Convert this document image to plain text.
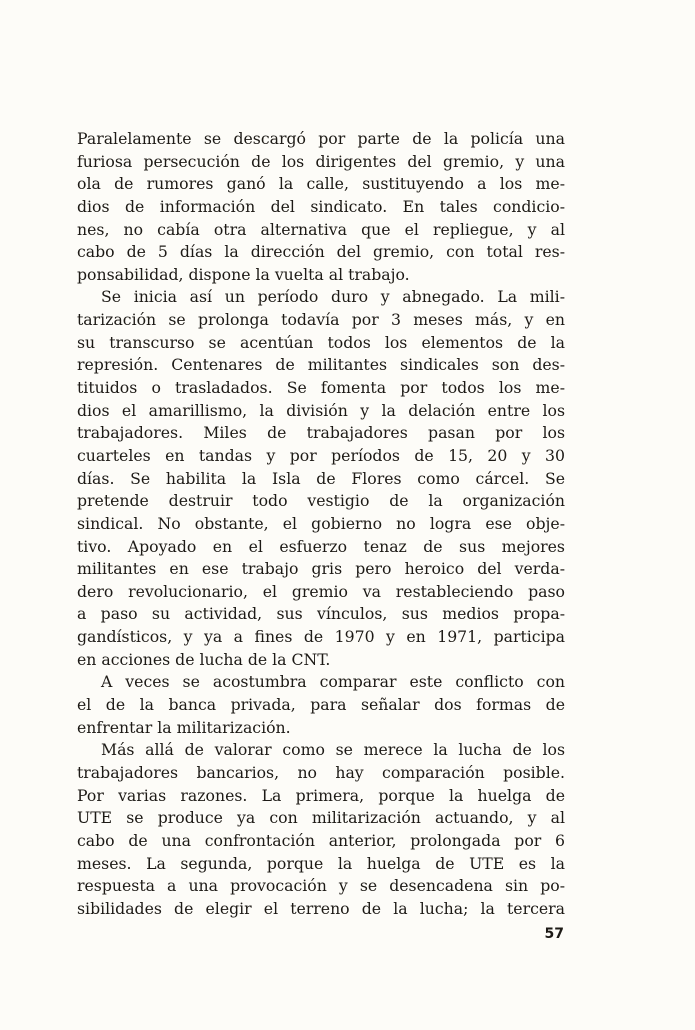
Paralelamente se descargó por parte de la policía una
furiosa persecución de los dirigentes del gremio, y una
ola de rumores ganó la calle, sustituyendo a los me-
dios de información del sindicato. En tales condicio-
nes, no cabía otra alternativa que el repliegue, y al
cabo de 5 días la dirección del gremio, con total res-
ponsabilidad, dispone la vuelta al trabajo.
Se inicia así un período duro y abnegado. La mili-
tarización se prolonga todavía por 3 meses más, y en
su transcurso se acentúan todos los elementos de la
represión. Centenares de militantes sindicales son des-
tituidos o trasladados. Se fomenta por todos los me-
dios el amarillismo, la división y la delación entre los
trabajadores. Miles de trabajadores pasan por los
cuarteles en tandas y por períodos de 15, 20 y 30
días. Se habilita la Isla de Flores como cárcel. Se
pretende destruir todo vestigio de la organización
sindical. No obstante, el gobierno no logra ese obje-
tivo. Apoyado en el esfuerzo tenaz de sus mejores
militantes en ese trabajo gris pero heroico del verda-
dero revolucionario, el gremio va restableciendo paso
a paso su actividad, sus vínculos, sus medios propa-
gandísticos, y ya a fines de 1970 y en 1971, participa
en acciones de lucha de la CNT.
A veces se acostumbra comparar este conflicto con
el de la banca privada, para señalar dos formas de
enfrentar la militarización.
Más allá de valorar como se merece la lucha de los
trabajadores bancarios, no hay comparación posible.
Por varias razones. La primera, porque la huelga de
UTE se produce ya con militarización actuando, y al
cabo de una confrontación anterior, prolongada por 6
meses. La segunda, porque la huelga de UTE es la
respuesta a una provocación y se desencadena sin po-
sibilidades de elegir el terreno de la lucha; la tercera
57
